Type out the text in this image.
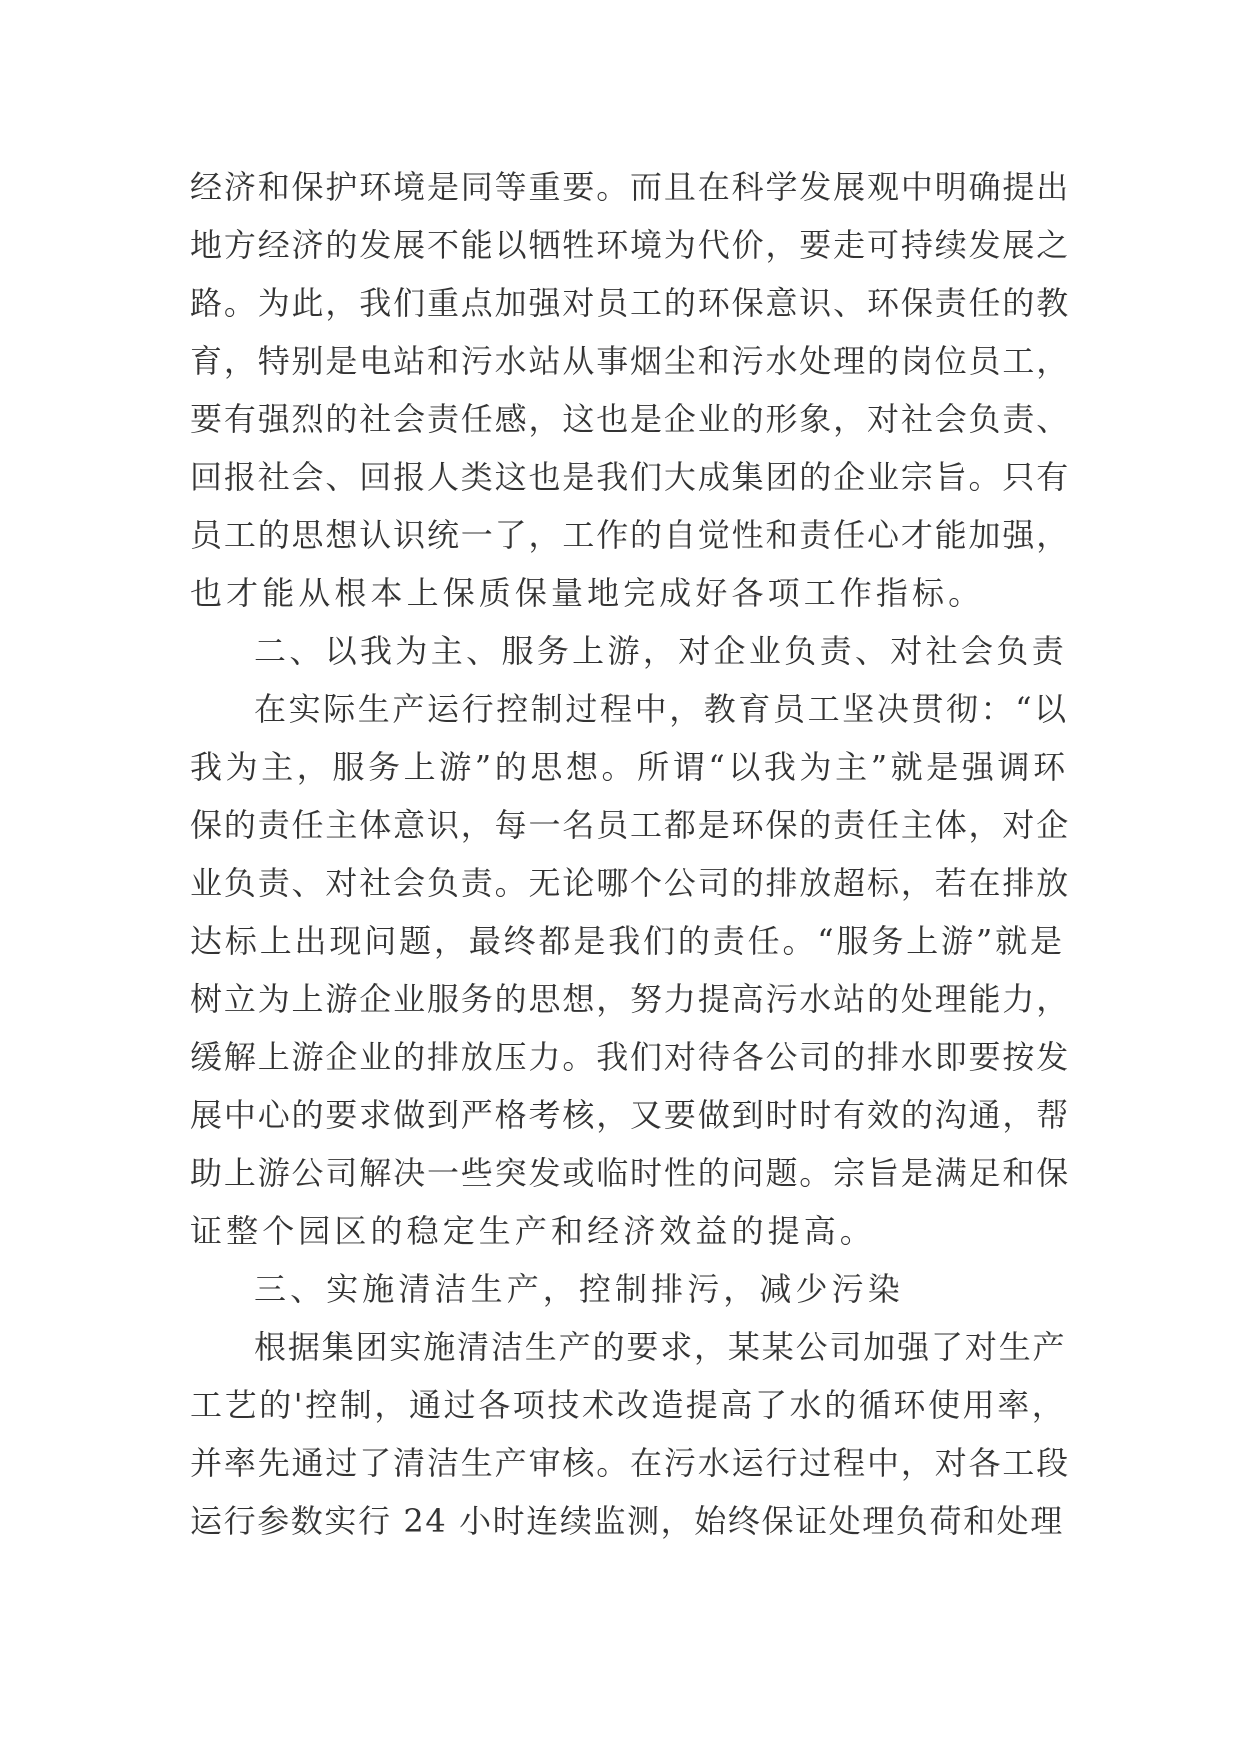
经济和保护环境是同等重要。而且在科学发展观中明确提出
地方经济的发展不能以牺牲环境为代价，要走可持续发展之
路。为此，我们重点加强对员工的环保意识、环保责任的教
育，特别是电站和污水站从事烟尘和污水处理的岗位员工，
要有强烈的社会责任感，这也是企业的形象，对社会负责、
回报社会、回报人类这也是我们大成集团的企业宗旨。只有
员工的思想认识统一了，工作的自觉性和责任心才能加强，
也才能从根本上保质保量地完成好各项工作指标。
二、以我为主、服务上游，对企业负责、对社会负责
在实际生产运行控制过程中，教育员工坚决贯彻：“以
我为主，服务上游”的思想。所谓“以我为主”就是强调环
保的责任主体意识，每一名员工都是环保的责任主体，对企
业负责、对社会负责。无论哪个公司的排放超标，若在排放
达标上出现问题，最终都是我们的责任。“服务上游”就是
树立为上游企业服务的思想，努力提高污水站的处理能力，
缓解上游企业的排放压力。我们对待各公司的排水即要按发
展中心的要求做到严格考核，又要做到时时有效的沟通，帮
助上游公司解决一些突发或临时性的问题。宗旨是满足和保
证整个园区的稳定生产和经济效益的提高。
三、实施清洁生产，控制排污，减少污染
根据集团实施清洁生产的要求，某某公司加强了对生产
工艺的'控制，通过各项技术改造提高了水的循环使用率，
并率先通过了清洁生产审核。在污水运行过程中，对各工段
运行参数实行 24 小时连续监测，始终保证处理负荷和处理
